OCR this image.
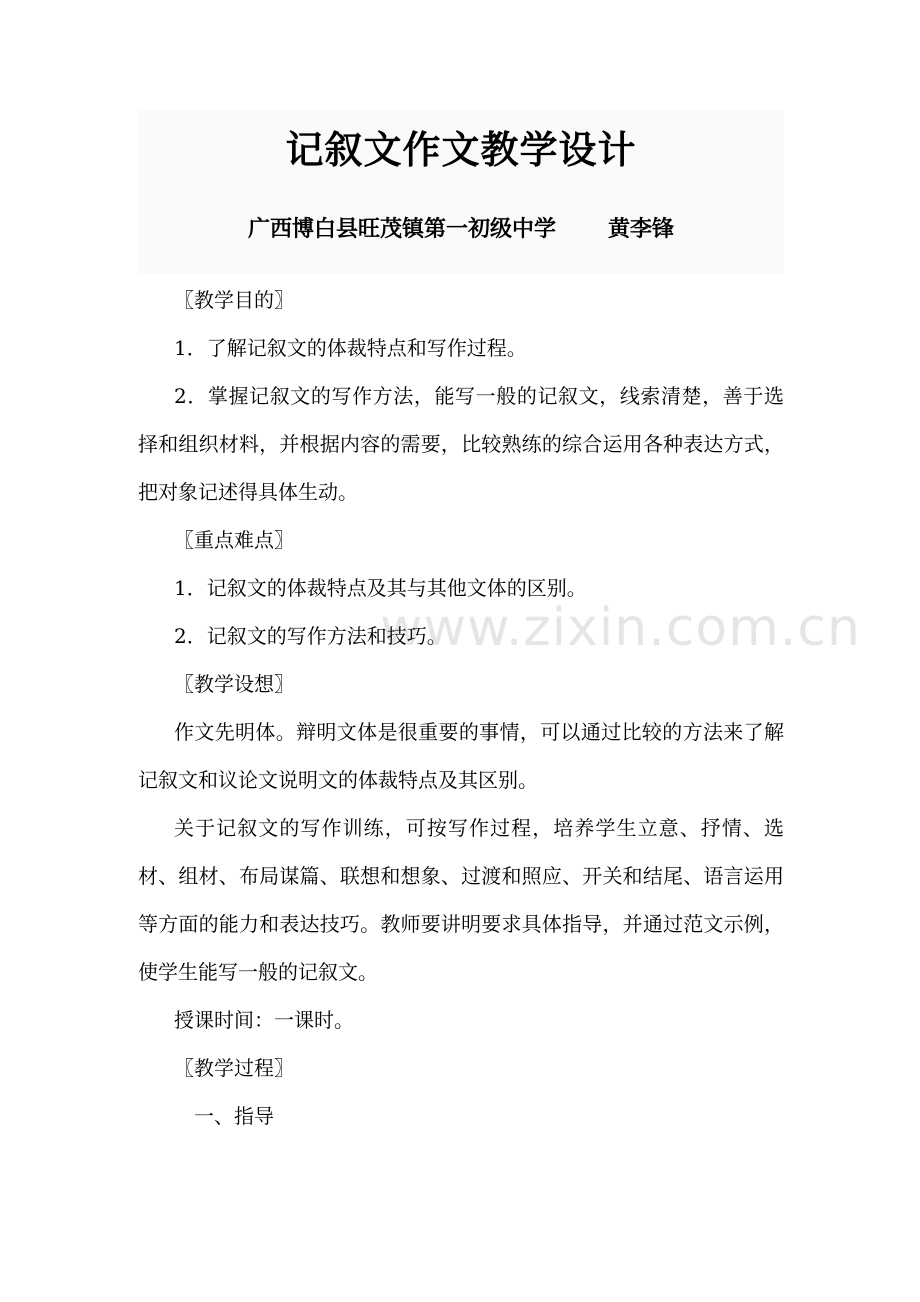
记叙文作文教学设计
广西博白县旺茂镇第一初级中学 黄李锋

〖教学目的〗

1．了解记叙文的体裁特点和写作过程。

2．掌握记叙文的写作方法，能写一般的记叙文，线索清楚，善于选择和组织材料，并根据内容的需要，比较熟练的综合运用各种表达方式，把对象记述得具体生动。

〖重点难点〗

1．记叙文的体裁特点及其与其他文体的区别。

2．记叙文的写作方法和技巧。

〖教学设想〗

作文先明体。辩明文体是很重要的事情，可以通过比较的方法来了解记叙文和议论文说明文的体裁特点及其区别。

关于记叙文的写作训练，可按写作过程，培养学生立意、抒情、选材、组材、布局谋篇、联想和想象、过渡和照应、开关和结尾、语言运用等方面的能力和表达技巧。教师要讲明要求具体指导，并通过范文示例，使学生能写一般的记叙文。

授课时间：一课时。

〖教学过程〗

一、指导

www.zixin.com.cn
